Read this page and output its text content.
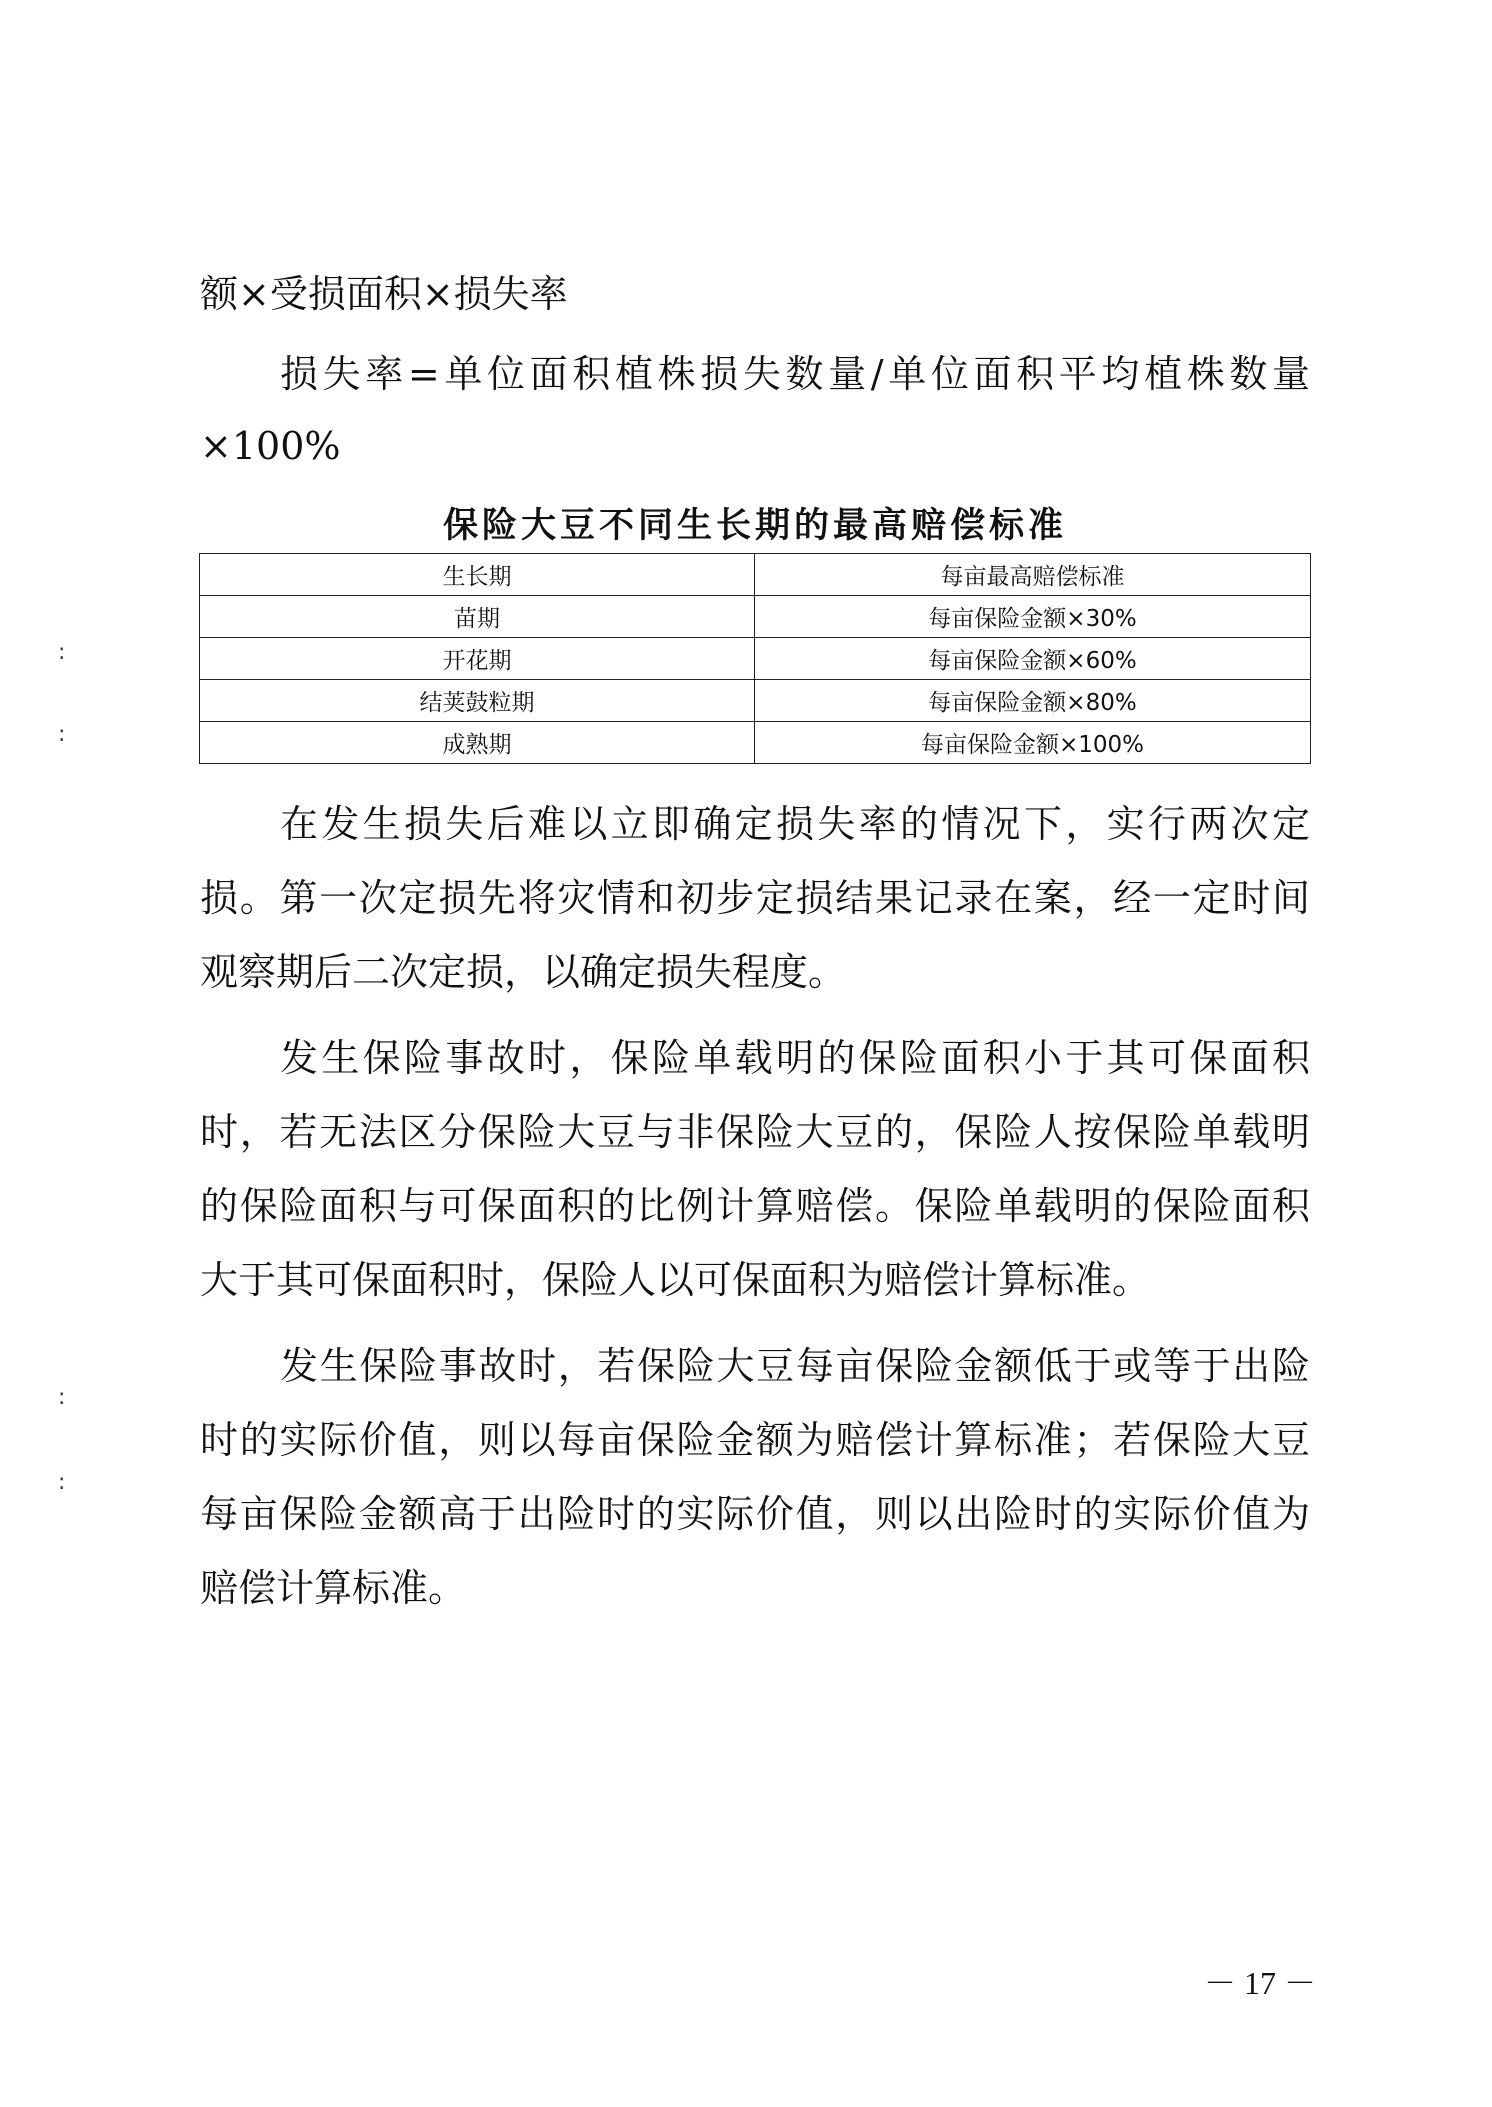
额×受损面积×损失率
损失率=单位面积植株损失数量/单位面积平均植株数量
×100%
保险大豆不同生长期的最高赔偿标准
生长期	每亩最高赔偿标准
苗期	每亩保险金额×30%
开花期	每亩保险金额×60%
结荚鼓粒期	每亩保险金额×80%
成熟期	每亩保险金额×100%
在发生损失后难以立即确定损失率的情况下，实行两次定
损。第一次定损先将灾情和初步定损结果记录在案，经一定时间
观察期后二次定损，以确定损失程度。
发生保险事故时，保险单载明的保险面积小于其可保面积
时，若无法区分保险大豆与非保险大豆的，保险人按保险单载明
的保险面积与可保面积的比例计算赔偿。保险单载明的保险面积
大于其可保面积时，保险人以可保面积为赔偿计算标准。
发生保险事故时，若保险大豆每亩保险金额低于或等于出险
时的实际价值，则以每亩保险金额为赔偿计算标准；若保险大豆
每亩保险金额高于出险时的实际价值，则以出险时的实际价值为
赔偿计算标准。
:
:
:
:
－ 17 －
